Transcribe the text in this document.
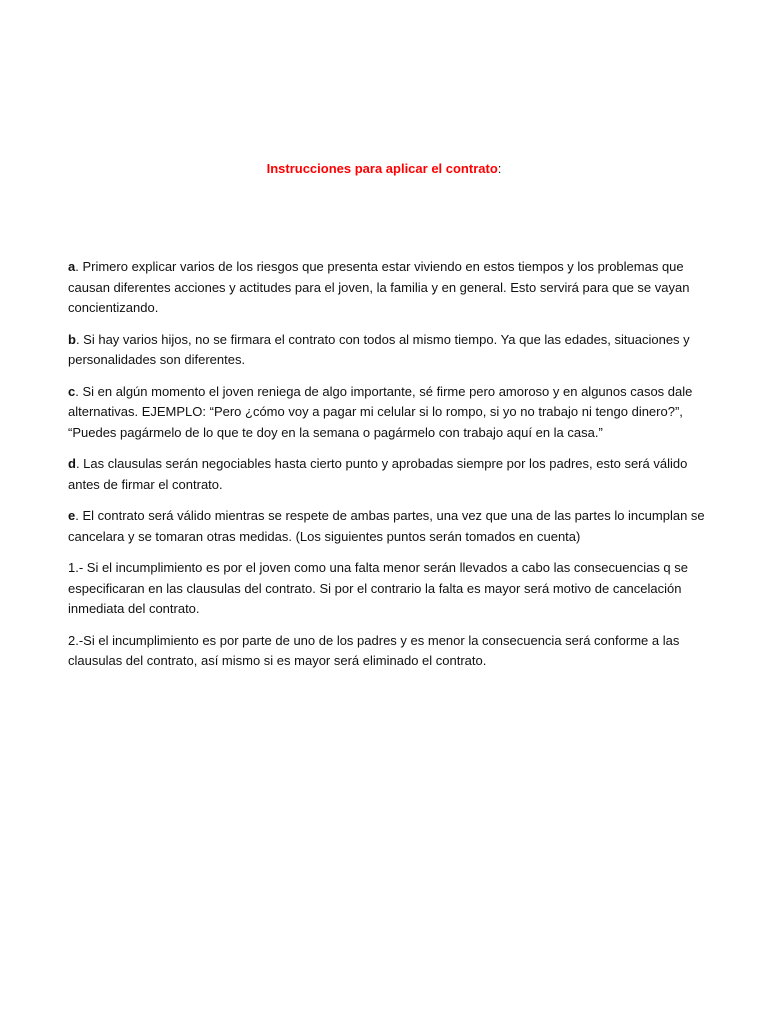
Instrucciones para aplicar el contrato:

a. Primero explicar varios de los riesgos que presenta estar viviendo en estos tiempos y los problemas que causan diferentes acciones y actitudes para el joven, la familia y en general. Esto servirá para que se vayan concientizando.

b. Si hay varios hijos, no se firmara el contrato con todos al mismo tiempo. Ya que las edades, situaciones y personalidades son diferentes.

c. Si en algún momento el joven reniega de algo importante, sé firme pero amoroso y en algunos casos dale alternativas. EJEMPLO: “Pero ¿cómo voy a pagar mi celular si lo rompo, si yo no trabajo ni tengo dinero?”, “Puedes pagármelo de lo que te doy en la semana o pagármelo con trabajo aquí en la casa.”

d. Las clausulas serán negociables hasta cierto punto y aprobadas siempre por los padres, esto será válido antes de firmar el contrato.

e. El contrato será válido mientras se respete de ambas partes, una vez que una de las partes lo incumplan se cancelara y se tomaran otras medidas. (Los siguientes puntos serán tomados en cuenta)

1.- Si el incumplimiento es por el joven como una falta menor serán llevados a cabo las consecuencias q se especificaran en las clausulas del contrato. Si por el contrario la falta es mayor será motivo de cancelación inmediata del contrato.

2.-Si el incumplimiento es por parte de uno de los padres y es menor la consecuencia será conforme a las clausulas del contrato, así mismo si es mayor será eliminado el contrato.
